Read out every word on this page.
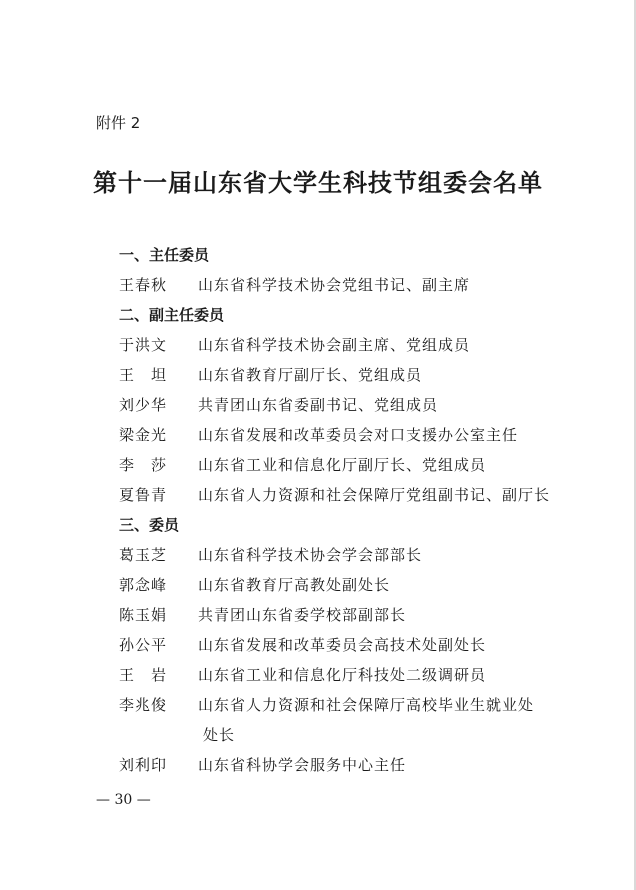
附件 2
第十一届山东省大学生科技节组委会名单
一、主任委员
王春秋	山东省科学技术协会党组书记、副主席
二、副主任委员
于洪文	山东省科学技术协会副主席、党组成员
王　坦	山东省教育厅副厅长、党组成员
刘少华	共青团山东省委副书记、党组成员
梁金光	山东省发展和改革委员会对口支援办公室主任
李　莎	山东省工业和信息化厅副厅长、党组成员
夏鲁青	山东省人力资源和社会保障厅党组副书记、副厅长
三、委员
葛玉芝	山东省科学技术协会学会部部长
郭念峰	山东省教育厅高教处副处长
陈玉娟	共青团山东省委学校部副部长
孙公平	山东省发展和改革委员会高技术处副处长
王　岩	山东省工业和信息化厅科技处二级调研员
李兆俊	山东省人力资源和社会保障厅高校毕业生就业处
处长
刘利印	山东省科协学会服务中心主任
— 30 —
